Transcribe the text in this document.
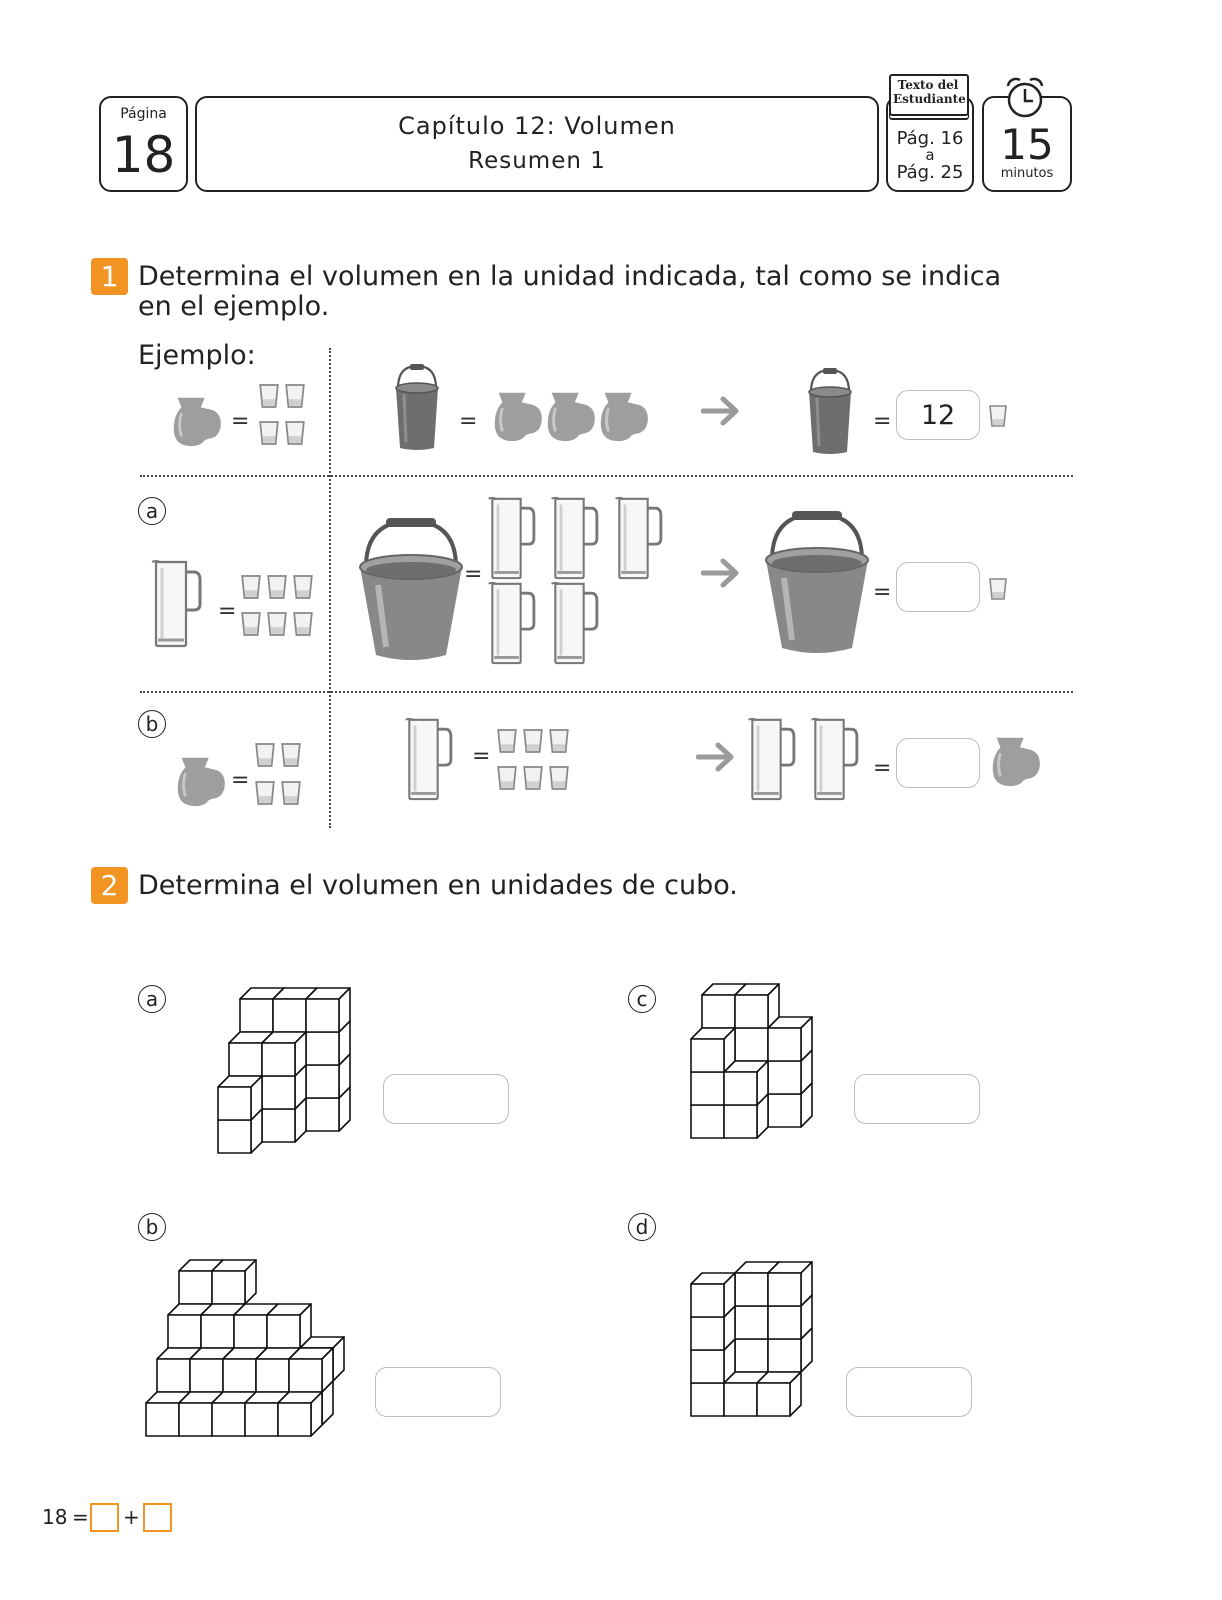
Página
18	Capítulo 12: Volumen
Resumen 1
Pág. 16
a
Pág. 25
Texto del Estudiante
15
minutos
1 Determina el volumen en la unidad indicada, tal como se indica
en el ejemplo.
Ejemplo:
=	=	=	12
a
=
=
=
b
=
=	=
2 Determina el volumen en unidades de cubo.
a
b
c
d
18 = +
